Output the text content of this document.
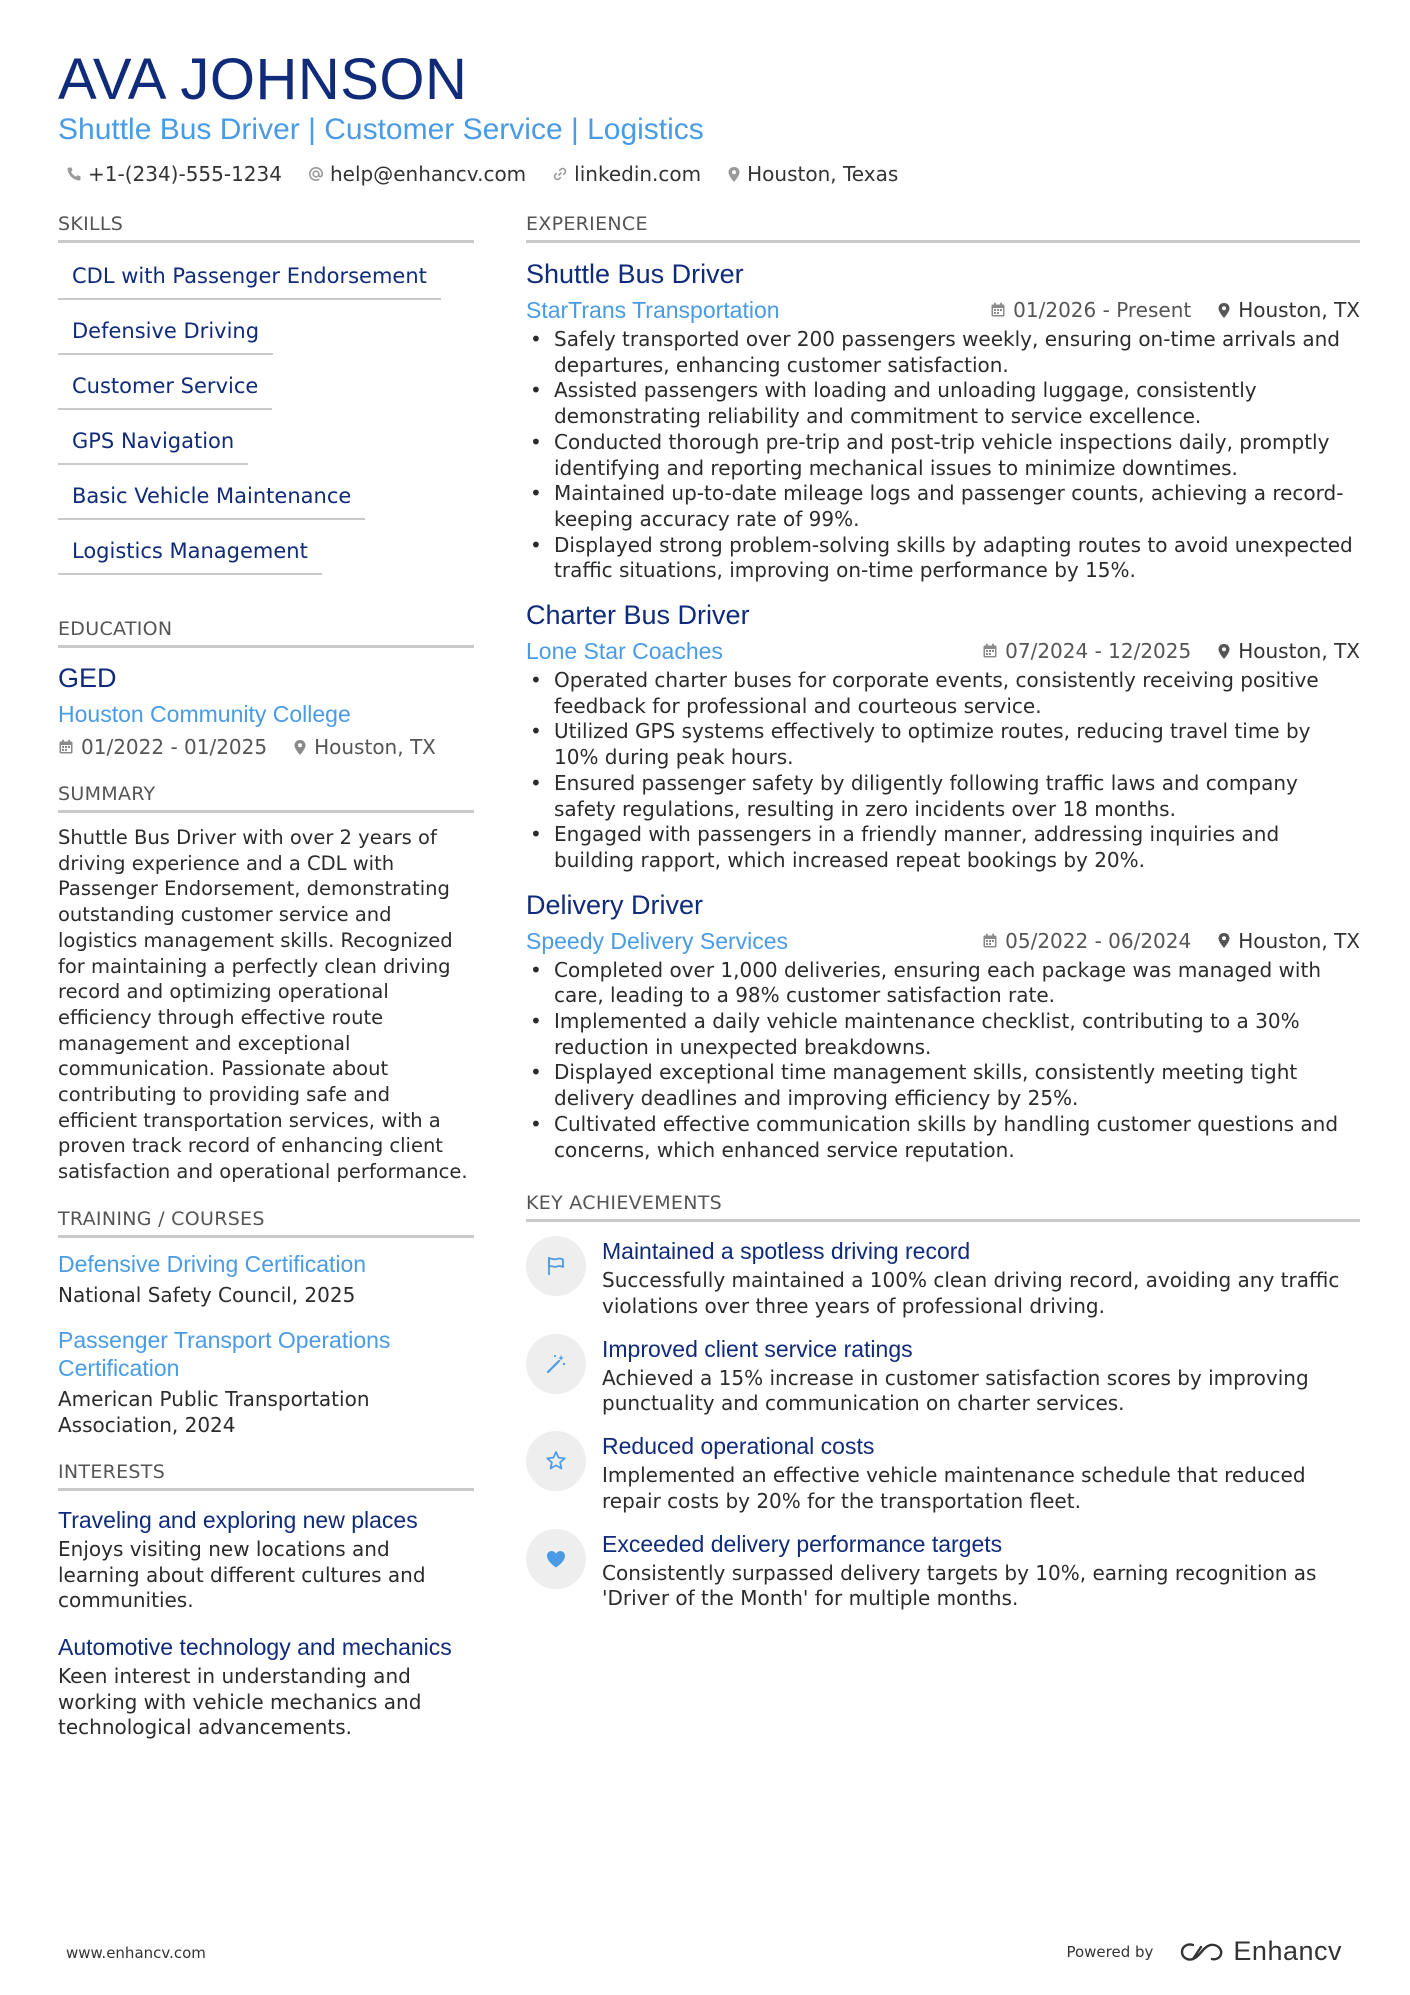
AVA JOHNSON
Shuttle Bus Driver | Customer Service | Logistics
+1-(234)-555-1234 help@enhancv.com linkedin.com Houston, Texas
SKILLS
CDL with Passenger Endorsement
Defensive Driving
Customer Service
GPS Navigation
Basic Vehicle Maintenance
Logistics Management
EDUCATION
GED
Houston Community College
01/2022 - 01/2025 Houston, TX
SUMMARY
Shuttle Bus Driver with over 2 years of driving experience and a CDL with Passenger Endorsement, demonstrating outstanding customer service and logistics management skills. Recognized for maintaining a perfectly clean driving record and optimizing operational efficiency through effective route management and exceptional communication. Passionate about contributing to providing safe and efficient transportation services, with a proven track record of enhancing client satisfaction and operational performance.
TRAINING / COURSES
Defensive Driving Certification
National Safety Council, 2025
Passenger Transport Operations Certification
American Public Transportation Association, 2024
INTERESTS
Traveling and exploring new places
Enjoys visiting new locations and learning about different cultures and communities.
Automotive technology and mechanics
Keen interest in understanding and working with vehicle mechanics and technological advancements.
EXPERIENCE
Shuttle Bus Driver
StarTrans Transportation	01/2026 - Present Houston, TX
• Safely transported over 200 passengers weekly, ensuring on-time arrivals and departures, enhancing customer satisfaction.
• Assisted passengers with loading and unloading luggage, consistently demonstrating reliability and commitment to service excellence.
• Conducted thorough pre-trip and post-trip vehicle inspections daily, promptly identifying and reporting mechanical issues to minimize downtimes.
• Maintained up-to-date mileage logs and passenger counts, achieving a record-keeping accuracy rate of 99%.
• Displayed strong problem-solving skills by adapting routes to avoid unexpected traffic situations, improving on-time performance by 15%.
Charter Bus Driver
Lone Star Coaches	07/2024 - 12/2025 Houston, TX
• Operated charter buses for corporate events, consistently receiving positive feedback for professional and courteous service.
• Utilized GPS systems effectively to optimize routes, reducing travel time by 10% during peak hours.
• Ensured passenger safety by diligently following traffic laws and company safety regulations, resulting in zero incidents over 18 months.
• Engaged with passengers in a friendly manner, addressing inquiries and building rapport, which increased repeat bookings by 20%.
Delivery Driver
Speedy Delivery Services	05/2022 - 06/2024 Houston, TX
• Completed over 1,000 deliveries, ensuring each package was managed with care, leading to a 98% customer satisfaction rate.
• Implemented a daily vehicle maintenance checklist, contributing to a 30% reduction in unexpected breakdowns.
• Displayed exceptional time management skills, consistently meeting tight delivery deadlines and improving efficiency by 25%.
• Cultivated effective communication skills by handling customer questions and concerns, which enhanced service reputation.
KEY ACHIEVEMENTS
Maintained a spotless driving record
Successfully maintained a 100% clean driving record, avoiding any traffic violations over three years of professional driving.
Improved client service ratings
Achieved a 15% increase in customer satisfaction scores by improving punctuality and communication on charter services.
Reduced operational costs
Implemented an effective vehicle maintenance schedule that reduced repair costs by 20% for the transportation fleet.
Exceeded delivery performance targets
Consistently surpassed delivery targets by 10%, earning recognition as 'Driver of the Month' for multiple months.
www.enhancv.com	Powered by	Enhancv
